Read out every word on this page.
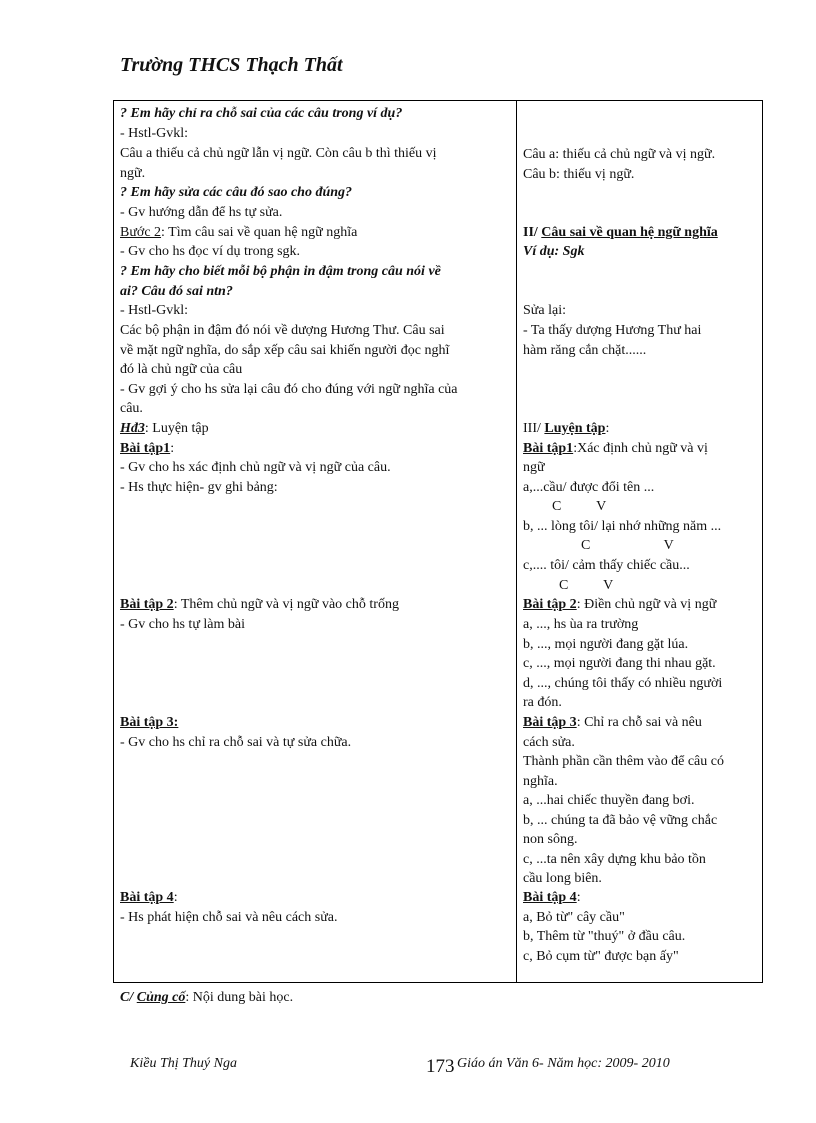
Trường THCS Thạch Thất
? Em hãy chỉ ra chỗ sai của các câu trong ví dụ?
- Hstl-Gvkl:
Câu a thiếu cả chủ ngữ lẫn vị ngữ. Còn câu b thì thiếu vị
ngữ.
? Em hãy sửa các câu đó sao cho đúng?
- Gv hướng dẫn để hs tự sửa.
Bước 2: Tìm câu sai về quan hệ ngữ nghĩa
- Gv cho hs đọc ví dụ trong sgk.
? Em hãy cho biết mỗi bộ phận in đậm trong câu nói về
ai? Câu đó sai ntn?
- Hstl-Gvkl:
Các bộ phận in đậm đó nói về dượng Hương Thư. Câu sai
về mặt ngữ nghĩa, do sắp xếp câu sai khiến người đọc nghĩ
đó là chủ ngữ của câu
- Gv gợi ý cho hs sửa lại câu đó cho đúng với ngữ nghĩa của
câu.
Hđ3: Luyện tập
Bài tập1:
- Gv cho hs xác định chủ ngữ và vị ngữ của câu.
- Hs thực hiện- gv ghi bảng:
Bài tập 2: Thêm chủ ngữ và vị ngữ vào chỗ trống
- Gv cho hs tự làm bài
Bài tập 3:
- Gv cho hs chỉ ra chỗ sai và tự sửa chữa.
Bài tập 4:
- Hs phát hiện chỗ sai và nêu cách sửa.
Câu a: thiếu cả chủ ngữ và vị ngữ.
Câu b: thiếu vị ngữ.
II/ Câu sai về quan hệ ngữ nghĩa
Ví dụ: Sgk
Sửa lại:
- Ta thấy dượng Hương Thư hai
hàm răng cắn chặt......
III/ Luyện tập:
Bài tập1:Xác định chủ ngữ và vị
ngữ
a,...cầu/ được đổi tên ...
C          V
b, ... lòng tôi/ lại nhớ những năm ...
C                     V
c,.... tôi/ cảm thấy chiếc cầu...
C          V
Bài tập 2: Điền chủ ngữ và vị ngữ
a, ..., hs ùa ra trường
b, ..., mọi người đang gặt lúa.
c, ..., mọi người đang thi nhau gặt.
d, ..., chúng tôi thấy có nhiều người
ra đón.
Bài tập 3: Chỉ ra chỗ sai và nêu
cách sửa.
Thành phần cần thêm vào để câu có
nghĩa.
a, ...hai chiếc thuyền đang bơi.
b, ... chúng ta đã bảo vệ vững chắc
non sông.
c, ...ta nên xây dựng khu bảo tồn
cầu long biên.
Bài tập 4:
a, Bỏ từ" cây cầu"
b, Thêm từ "thuý" ở đầu câu.
c, Bỏ cụm từ" được bạn ấy"
C/ Củng cố: Nội dung bài học.
Kiều Thị Thuý Nga	173 Giáo án Văn 6- Năm học: 2009- 2010
